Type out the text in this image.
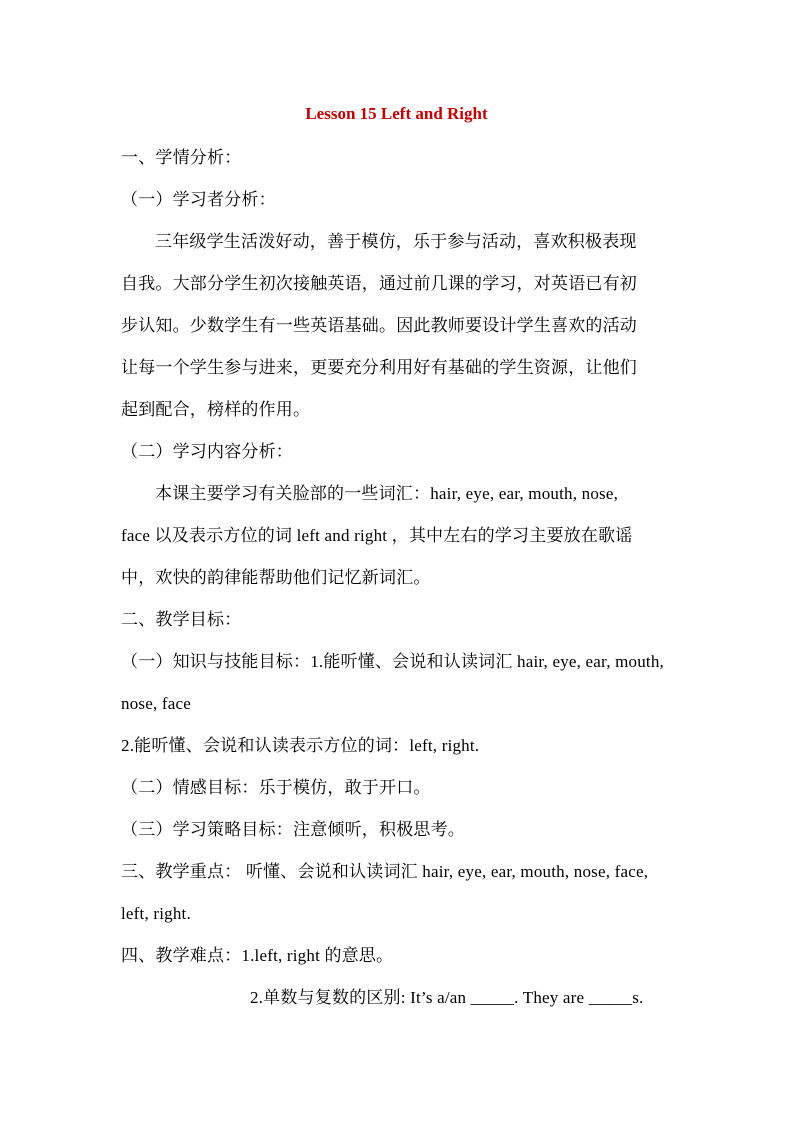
Lesson 15 Left and Right
一、学情分析：
（一）学习者分析：
三年级学生活泼好动，善于模仿，乐于参与活动，喜欢积极表现
自我。大部分学生初次接触英语，通过前几课的学习，对英语已有初
步认知。少数学生有一些英语基础。因此教师要设计学生喜欢的活动
让每一个学生参与进来，更要充分利用好有基础的学生资源，让他们
起到配合，榜样的作用。
（二）学习内容分析：
本课主要学习有关脸部的一些词汇：hair, eye, ear, mouth, nose,
face 以及表示方位的词 left and right ，其中左右的学习主要放在歌谣
中，欢快的韵律能帮助他们记忆新词汇。
二、教学目标：
（一）知识与技能目标：1.能听懂、会说和认读词汇 hair, eye, ear, mouth,
nose, face
2.能听懂、会说和认读表示方位的词：left, right.
（二）情感目标：乐于模仿，敢于开口。
（三）学习策略目标：注意倾听，积极思考。
三、教学重点： 听懂、会说和认读词汇 hair, eye, ear, mouth, nose, face,
left, right.
四、教学难点：1.left, right 的意思。
2.单数与复数的区别: It’s a/an _____. They are _____s.
